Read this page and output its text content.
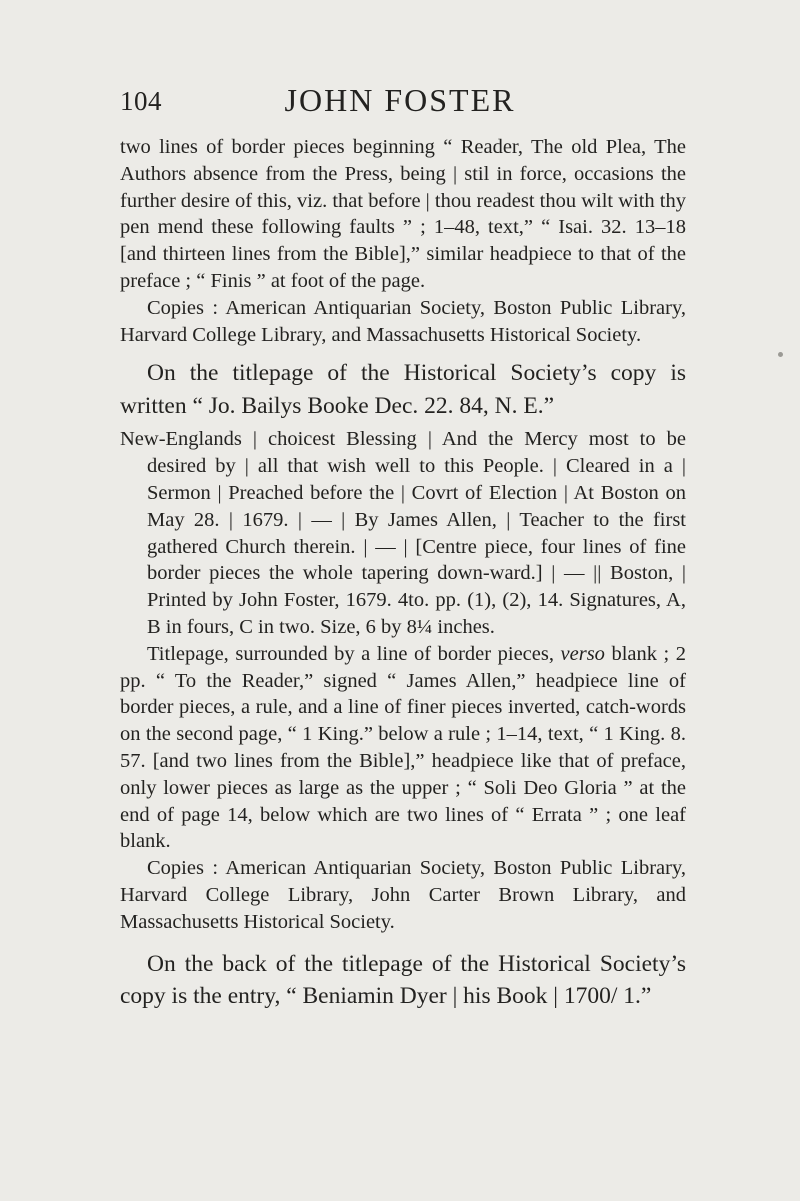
104	JOHN FOSTER

two lines of border pieces beginning “ Reader, The old Plea, The Authors absence from the Press, being | stil in force, occasions the further desire of this, viz. that before | thou readest thou wilt with thy pen mend these following faults ” ; 1–48, text,” “ Isai. 32. 13–18 [and thirteen lines from the Bible],” similar headpiece to that of the preface ; “ Finis ” at foot of the page.

Copies : American Antiquarian Society, Boston Public Library, Harvard College Library, and Massachusetts Historical Society.

On the titlepage of the Historical Society’s copy is written “ Jo. Bailys Booke Dec. 22. 84, N. E.”

New-Englands | choicest Blessing | And the Mercy most to be desired by | all that wish well to this People. | Cleared in a | Sermon | Preached before the | Covrt of Election | At Boston on May 28. | 1679. | — | By James Allen, | Teacher to the first gathered Church therein. | — | [Centre piece, four lines of fine border pieces the whole tapering down-ward.] | — || Boston, | Printed by John Foster, 1679. 4to. pp. (1), (2), 14. Signatures, A, B in fours, C in two. Size, 6 by 8¼ inches.

Titlepage, surrounded by a line of border pieces, verso blank ; 2 pp. “ To the Reader,” signed “ James Allen,” headpiece line of border pieces, a rule, and a line of finer pieces inverted, catch-words on the second page, “ 1 King.” below a rule ; 1–14, text, “ 1 King. 8. 57. [and two lines from the Bible],” headpiece like that of preface, only lower pieces as large as the upper ; “ Soli Deo Gloria ” at the end of page 14, below which are two lines of “ Errata ” ; one leaf blank.

Copies : American Antiquarian Society, Boston Public Library, Harvard College Library, John Carter Brown Library, and Massachusetts Historical Society.

On the back of the titlepage of the Historical Society’s copy is the entry, “ Beniamin Dyer | his Book | 1700/ 1.”
